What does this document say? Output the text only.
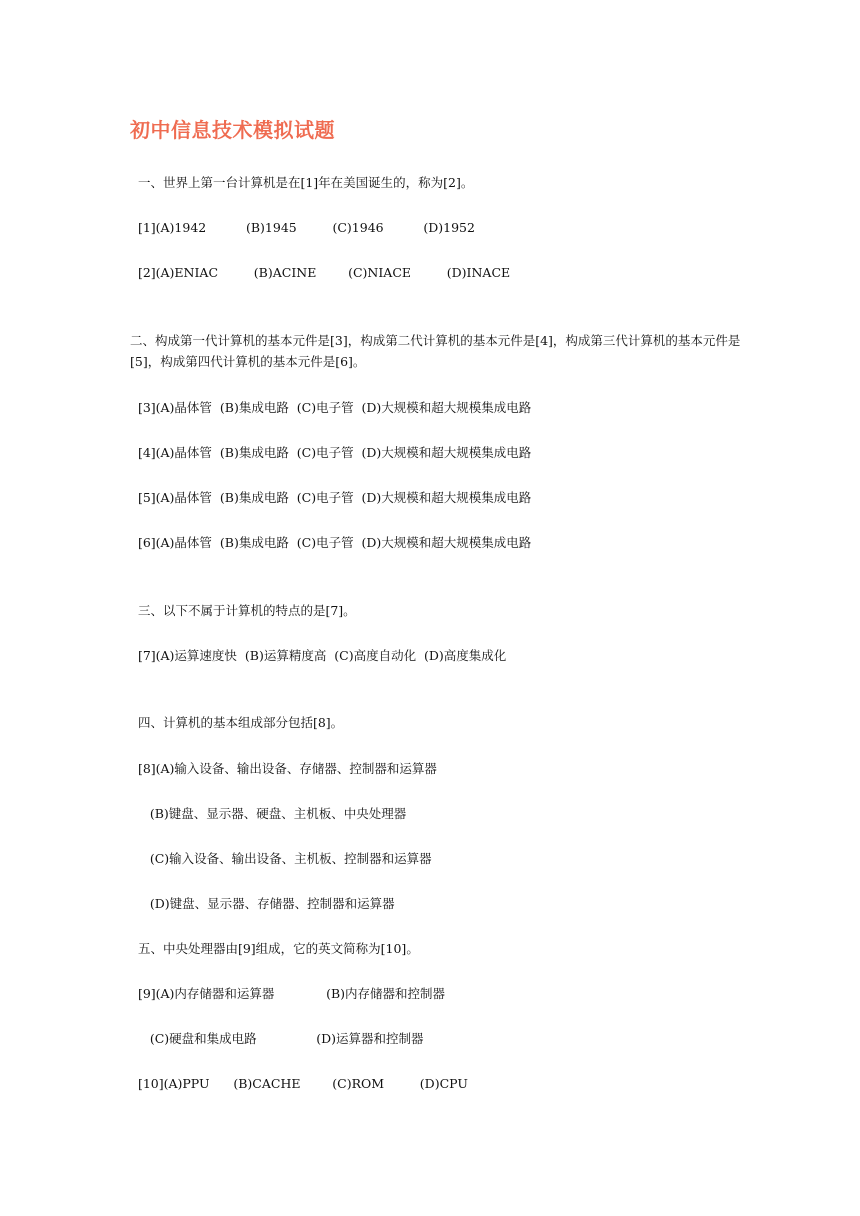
初中信息技术模拟试题
一、世界上第一台计算机是在[1]年在美国诞生的，称为[2]。
[1](A)1942          (B)1945         (C)1946          (D)1952
[2](A)ENIAC         (B)ACINE        (C)NIACE         (D)INACE
二、构成第一代计算机的基本元件是[3]，构成第二代计算机的基本元件是[4]，构成第三代计算机的基本元件是[5]，构成第四代计算机的基本元件是[6]。
[3](A)晶体管  (B)集成电路  (C)电子管  (D)大规模和超大规模集成电路
[4](A)晶体管  (B)集成电路  (C)电子管  (D)大规模和超大规模集成电路
[5](A)晶体管  (B)集成电路  (C)电子管  (D)大规模和超大规模集成电路
[6](A)晶体管  (B)集成电路  (C)电子管  (D)大规模和超大规模集成电路
三、以下不属于计算机的特点的是[7]。
[7](A)运算速度快  (B)运算精度高  (C)高度自动化  (D)高度集成化
四、计算机的基本组成部分包括[8]。
[8](A)输入设备、输出设备、存储器、控制器和运算器
(B)键盘、显示器、硬盘、主机板、中央处理器
(C)输入设备、输出设备、主机板、控制器和运算器
(D)键盘、显示器、存储器、控制器和运算器
五、中央处理器由[9]组成，它的英文简称为[10]。
[9](A)内存储器和运算器             (B)内存储器和控制器
(C)硬盘和集成电路               (D)运算器和控制器
[10](A)PPU      (B)CACHE        (C)ROM         (D)CPU
